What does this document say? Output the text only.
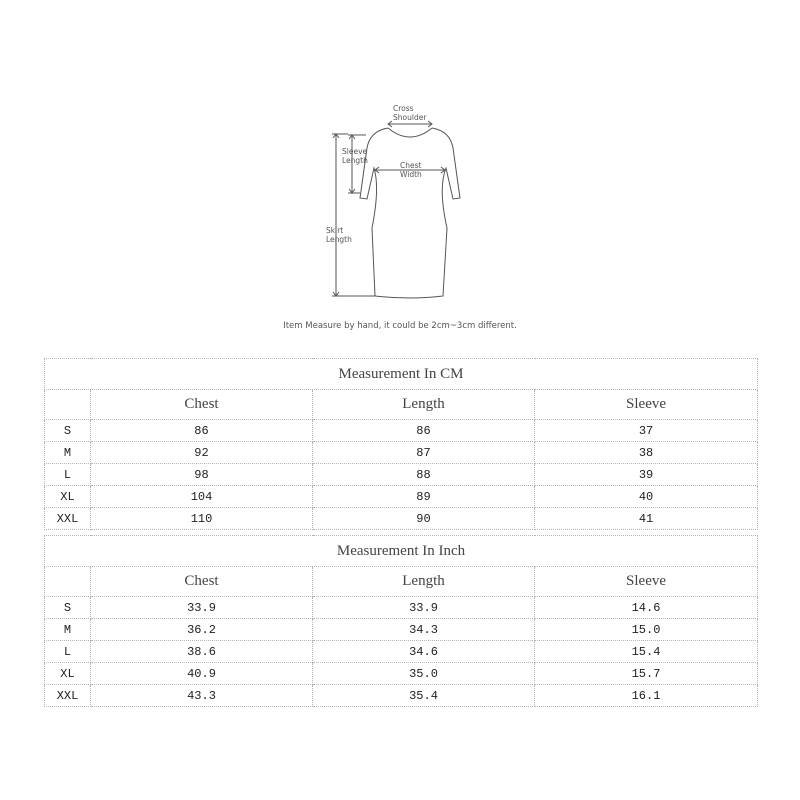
Cross
Shoulder
Sleeve
Length
Chest
Width
Skirt
Length
Item Measure by hand, it could be 2cm~3cm different.
Measurement In CM			
	Chest	Length	Sleeve
S	86	86	37
M	92	87	38
L	98	88	39
XL	104	89	40
XXL	110	90	41
Measurement In Inch			
	Chest	Length	Sleeve
S	33.9	33.9	14.6
M	36.2	34.3	15.0
L	38.6	34.6	15.4
XL	40.9	35.0	15.7
XXL	43.3	35.4	16.1
